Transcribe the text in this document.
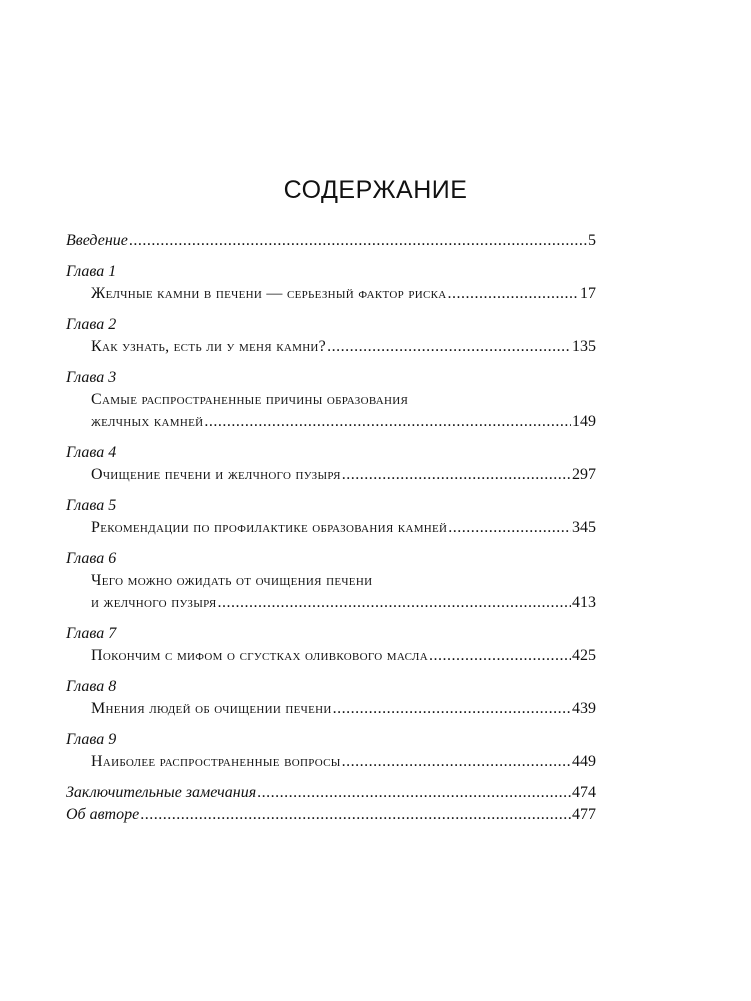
СОДЕРЖАНИЕ
Введение .....	5
Глава 1
Желчные камни в печени — серьезный фактор риска .....	17
Глава 2
Как узнать, есть ли у меня камни? .....	135
Глава 3
Самые распространенные причины образования
желчных камней .....	149
Глава 4
Очищение печени и желчного пузыря .....	297
Глава 5
Рекомендации по профилактике образования камней .....	345
Глава 6
Чего можно ожидать от очищения печени
и желчного пузыря .....	413
Глава 7
Покончим с мифом о сгустках оливкового масла .....	425
Глава 8
Мнения людей об очищении печени .....	439
Глава 9
Наиболее распространенные вопросы .....	449
Заключительные замечания .....	474
Об авторе .....	477
